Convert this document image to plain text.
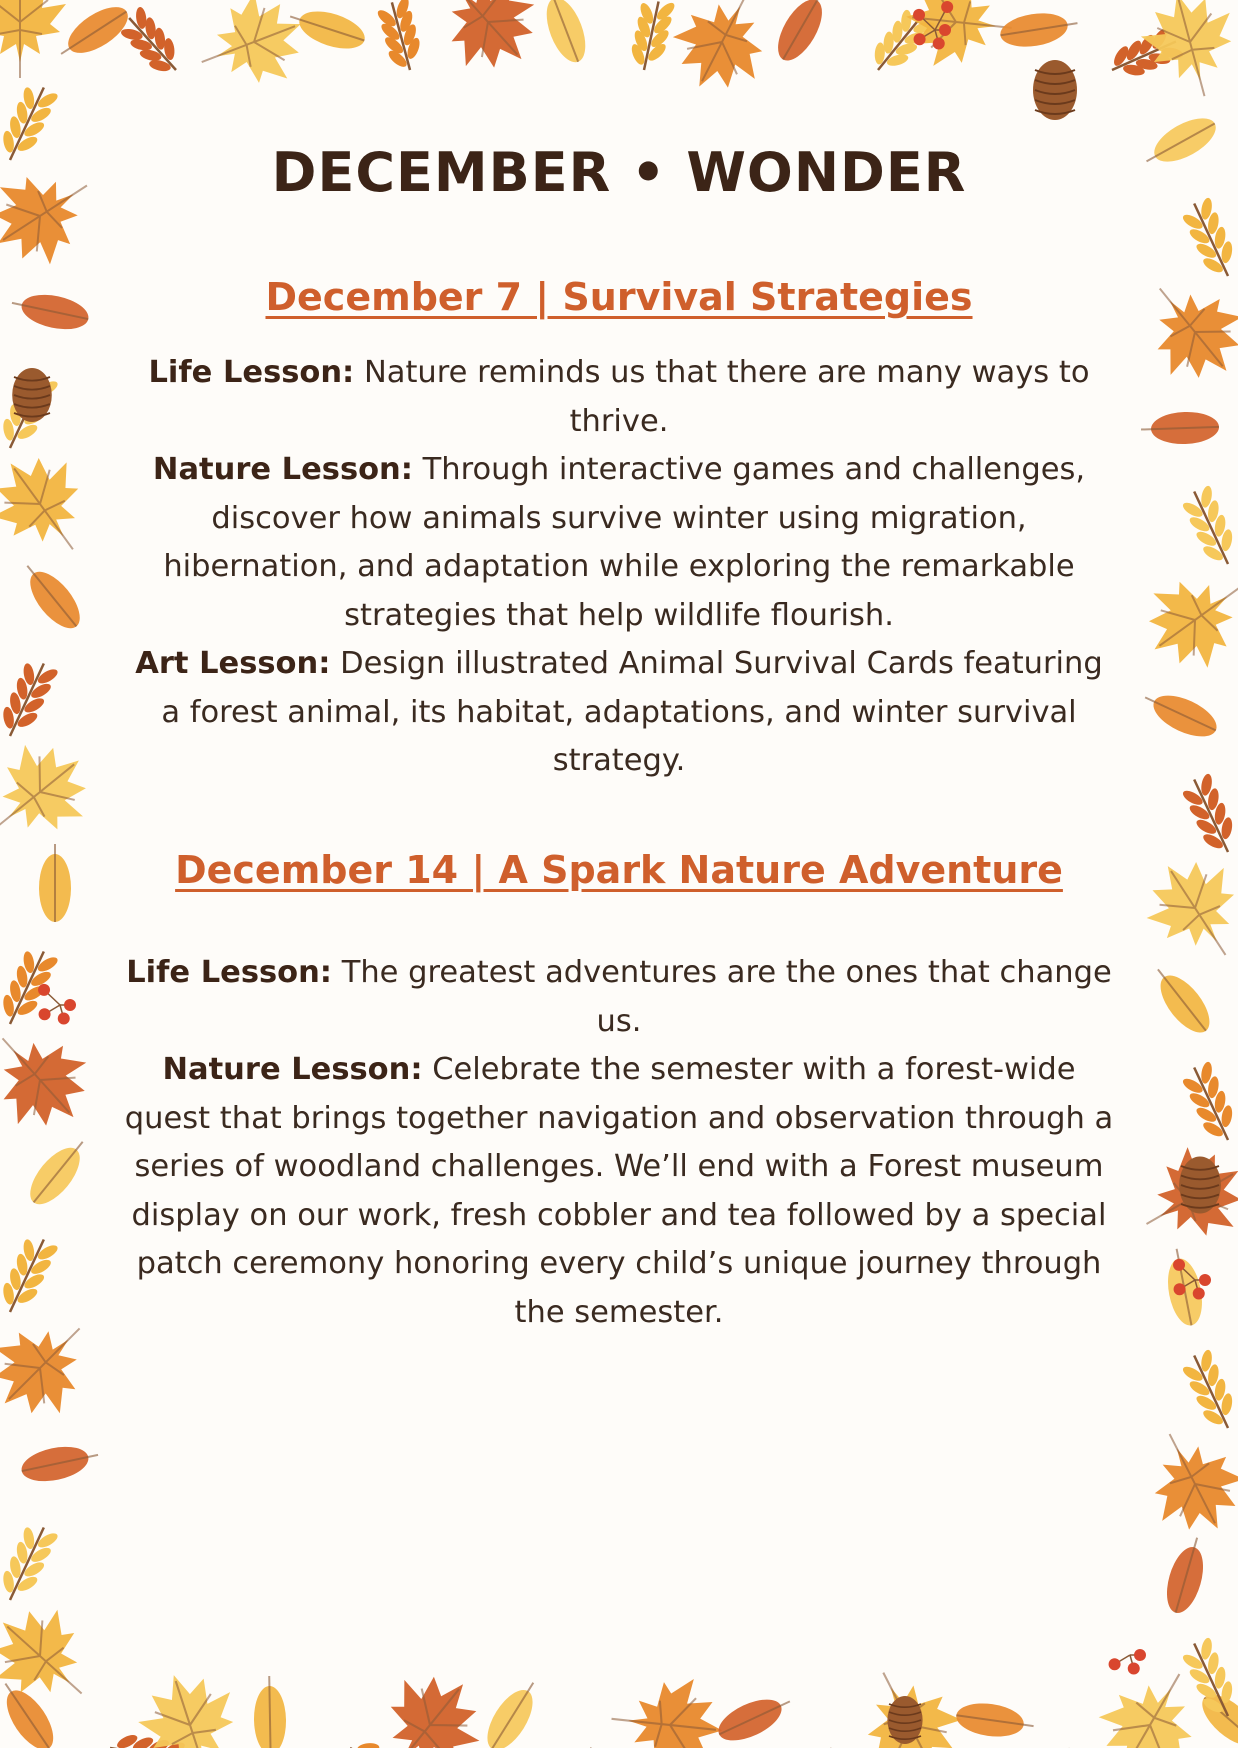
DECEMBER • WONDER
December 7 | Survival Strategies

Life Lesson: Nature reminds us that there are many ways to thrive.

Nature Lesson: Through interactive games and challenges, discover how animals survive winter using migration, hibernation, and adaptation while exploring the remarkable strategies that help wildlife flourish.

Art Lesson: Design illustrated Animal Survival Cards featuring a forest animal, its habitat, adaptations, and winter survival strategy.

December 14 | A Spark Nature Adventure

Life Lesson: The greatest adventures are the ones that change us.

Nature Lesson: Celebrate the semester with a forest-wide quest that brings together navigation and observation through a series of woodland challenges. We’ll end with a Forest museum display on our work, fresh cobbler and tea followed by a special patch ceremony honoring every child’s unique journey through the semester.
